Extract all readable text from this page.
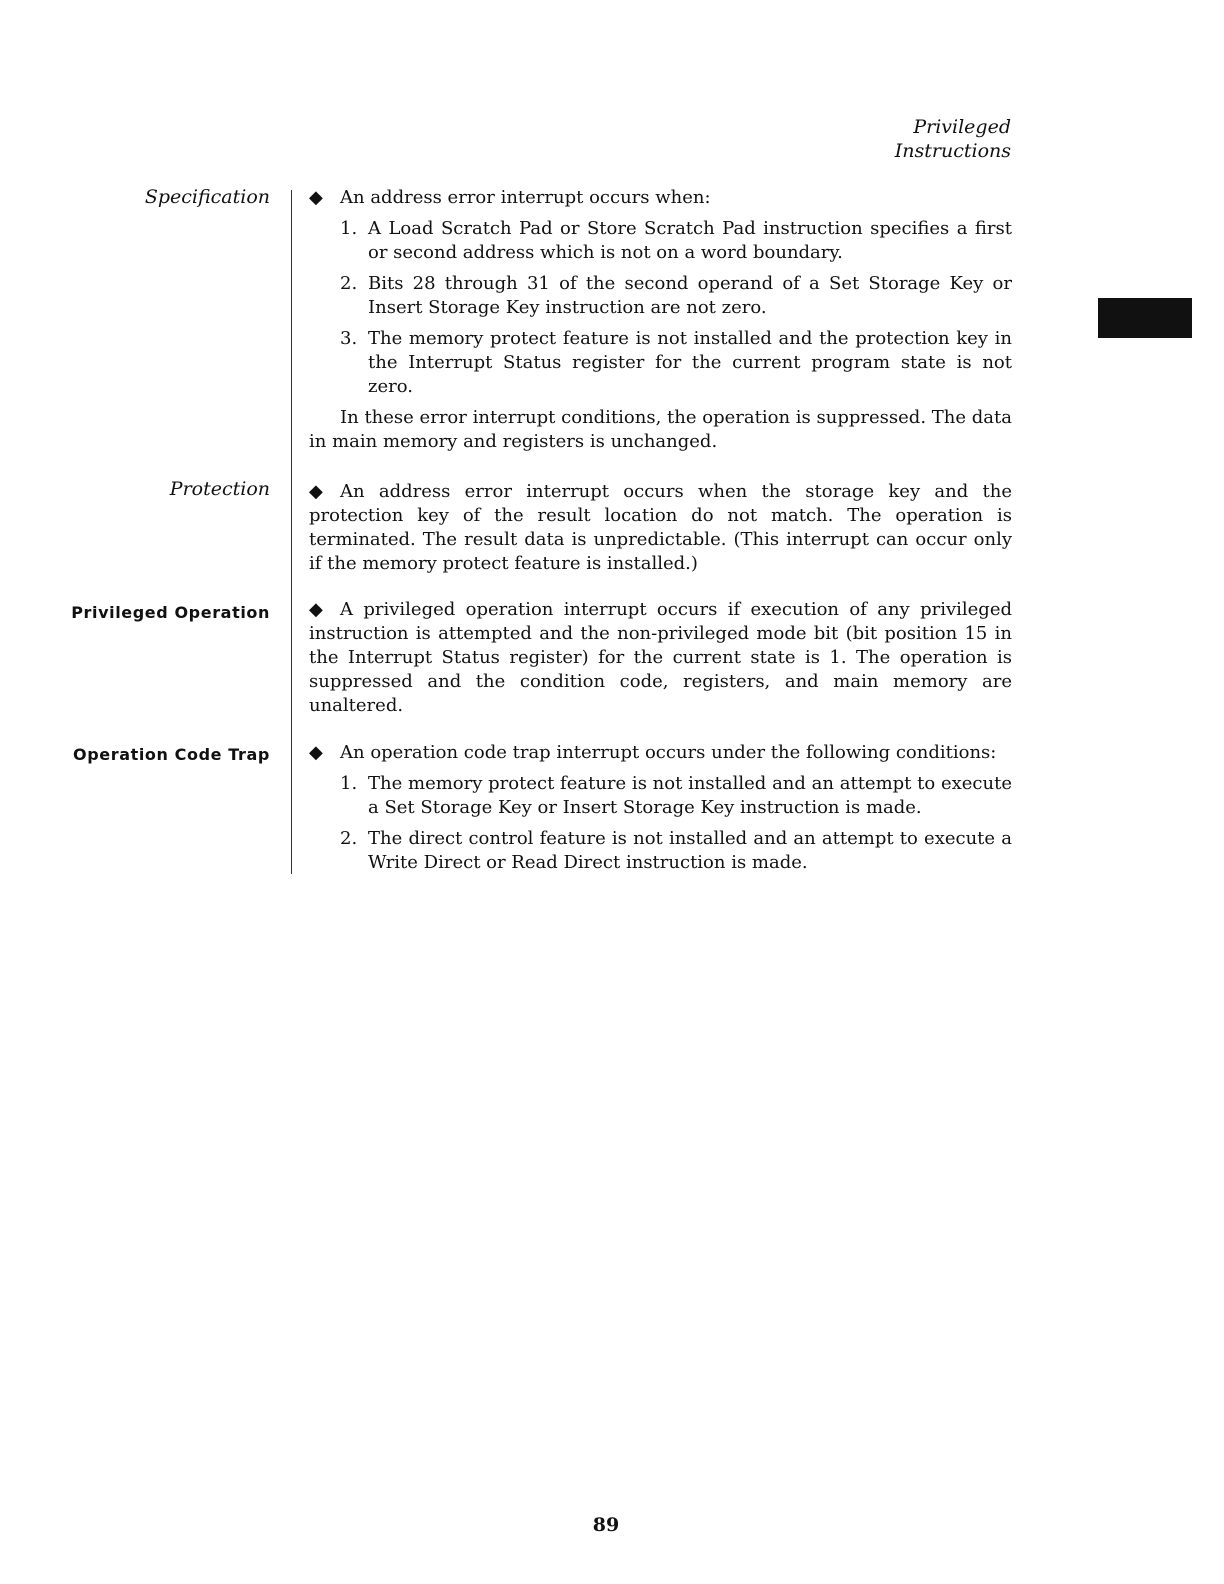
Privileged
Instructions
Specification ◆ An address error interrupt occurs when:

1. A Load Scratch Pad or Store Scratch Pad instruction specifies a first or second address which is not on a word boundary.
2. Bits 28 through 31 of the second operand of a Set Storage Key or Insert Storage Key instruction are not zero.
3. The memory protect feature is not installed and the protection key in the Interrupt Status register for the current program state is not zero.

In these error interrupt conditions, the operation is suppressed. The data in main memory and registers is unchanged.

Protection ◆ An address error interrupt occurs when the storage key and the protection key of the result location do not match. The operation is terminated. The result data is unpredictable. (This interrupt can occur only if the memory protect feature is installed.)

Privileged Operation ◆ A privileged operation interrupt occurs if execution of any privileged instruction is attempted and the non-privileged mode bit (bit position 15 in the Interrupt Status register) for the current state is 1. The operation is suppressed and the condition code, registers, and main memory are unaltered.

Operation Code Trap ◆ An operation code trap interrupt occurs under the following conditions:

1. The memory protect feature is not installed and an attempt to execute a Set Storage Key or Insert Storage Key instruction is made.
2. The direct control feature is not installed and an attempt to execute a Write Direct or Read Direct instruction is made.
89
